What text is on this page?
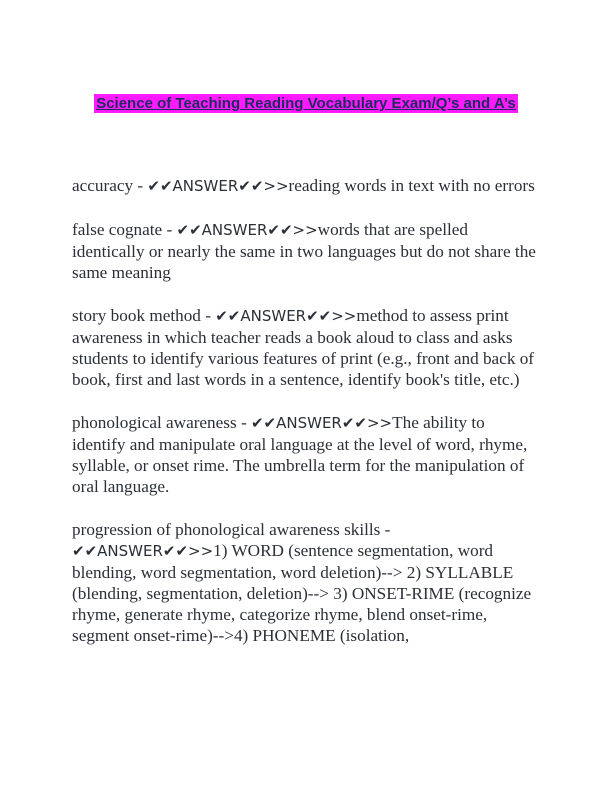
Science of Teaching Reading Vocabulary Exam/Q’s and A’s

accuracy - ✔✔ANSWER✔✔>>reading words in text with no errors

false cognate - ✔✔ANSWER✔✔>>words that are spelled identically or nearly the same in two languages but do not share the same meaning

story book method - ✔✔ANSWER✔✔>>method to assess print awareness in which teacher reads a book aloud to class and asks students to identify various features of print (e.g., front and back of book, first and last words in a sentence, identify book's title, etc.)

phonological awareness - ✔✔ANSWER✔✔>>The ability to identify and manipulate oral language at the level of word, rhyme, syllable, or onset rime. The umbrella term for the manipulation of oral language.

progression of phonological awareness skills - ✔✔ANSWER✔✔>>1) WORD (sentence segmentation, word blending, word segmentation, word deletion)--> 2) SYLLABLE (blending, segmentation, deletion)--> 3) ONSET-RIME (recognize rhyme, generate rhyme, categorize rhyme, blend onset-rime, segment onset-rime)-->4) PHONEME (isolation,
